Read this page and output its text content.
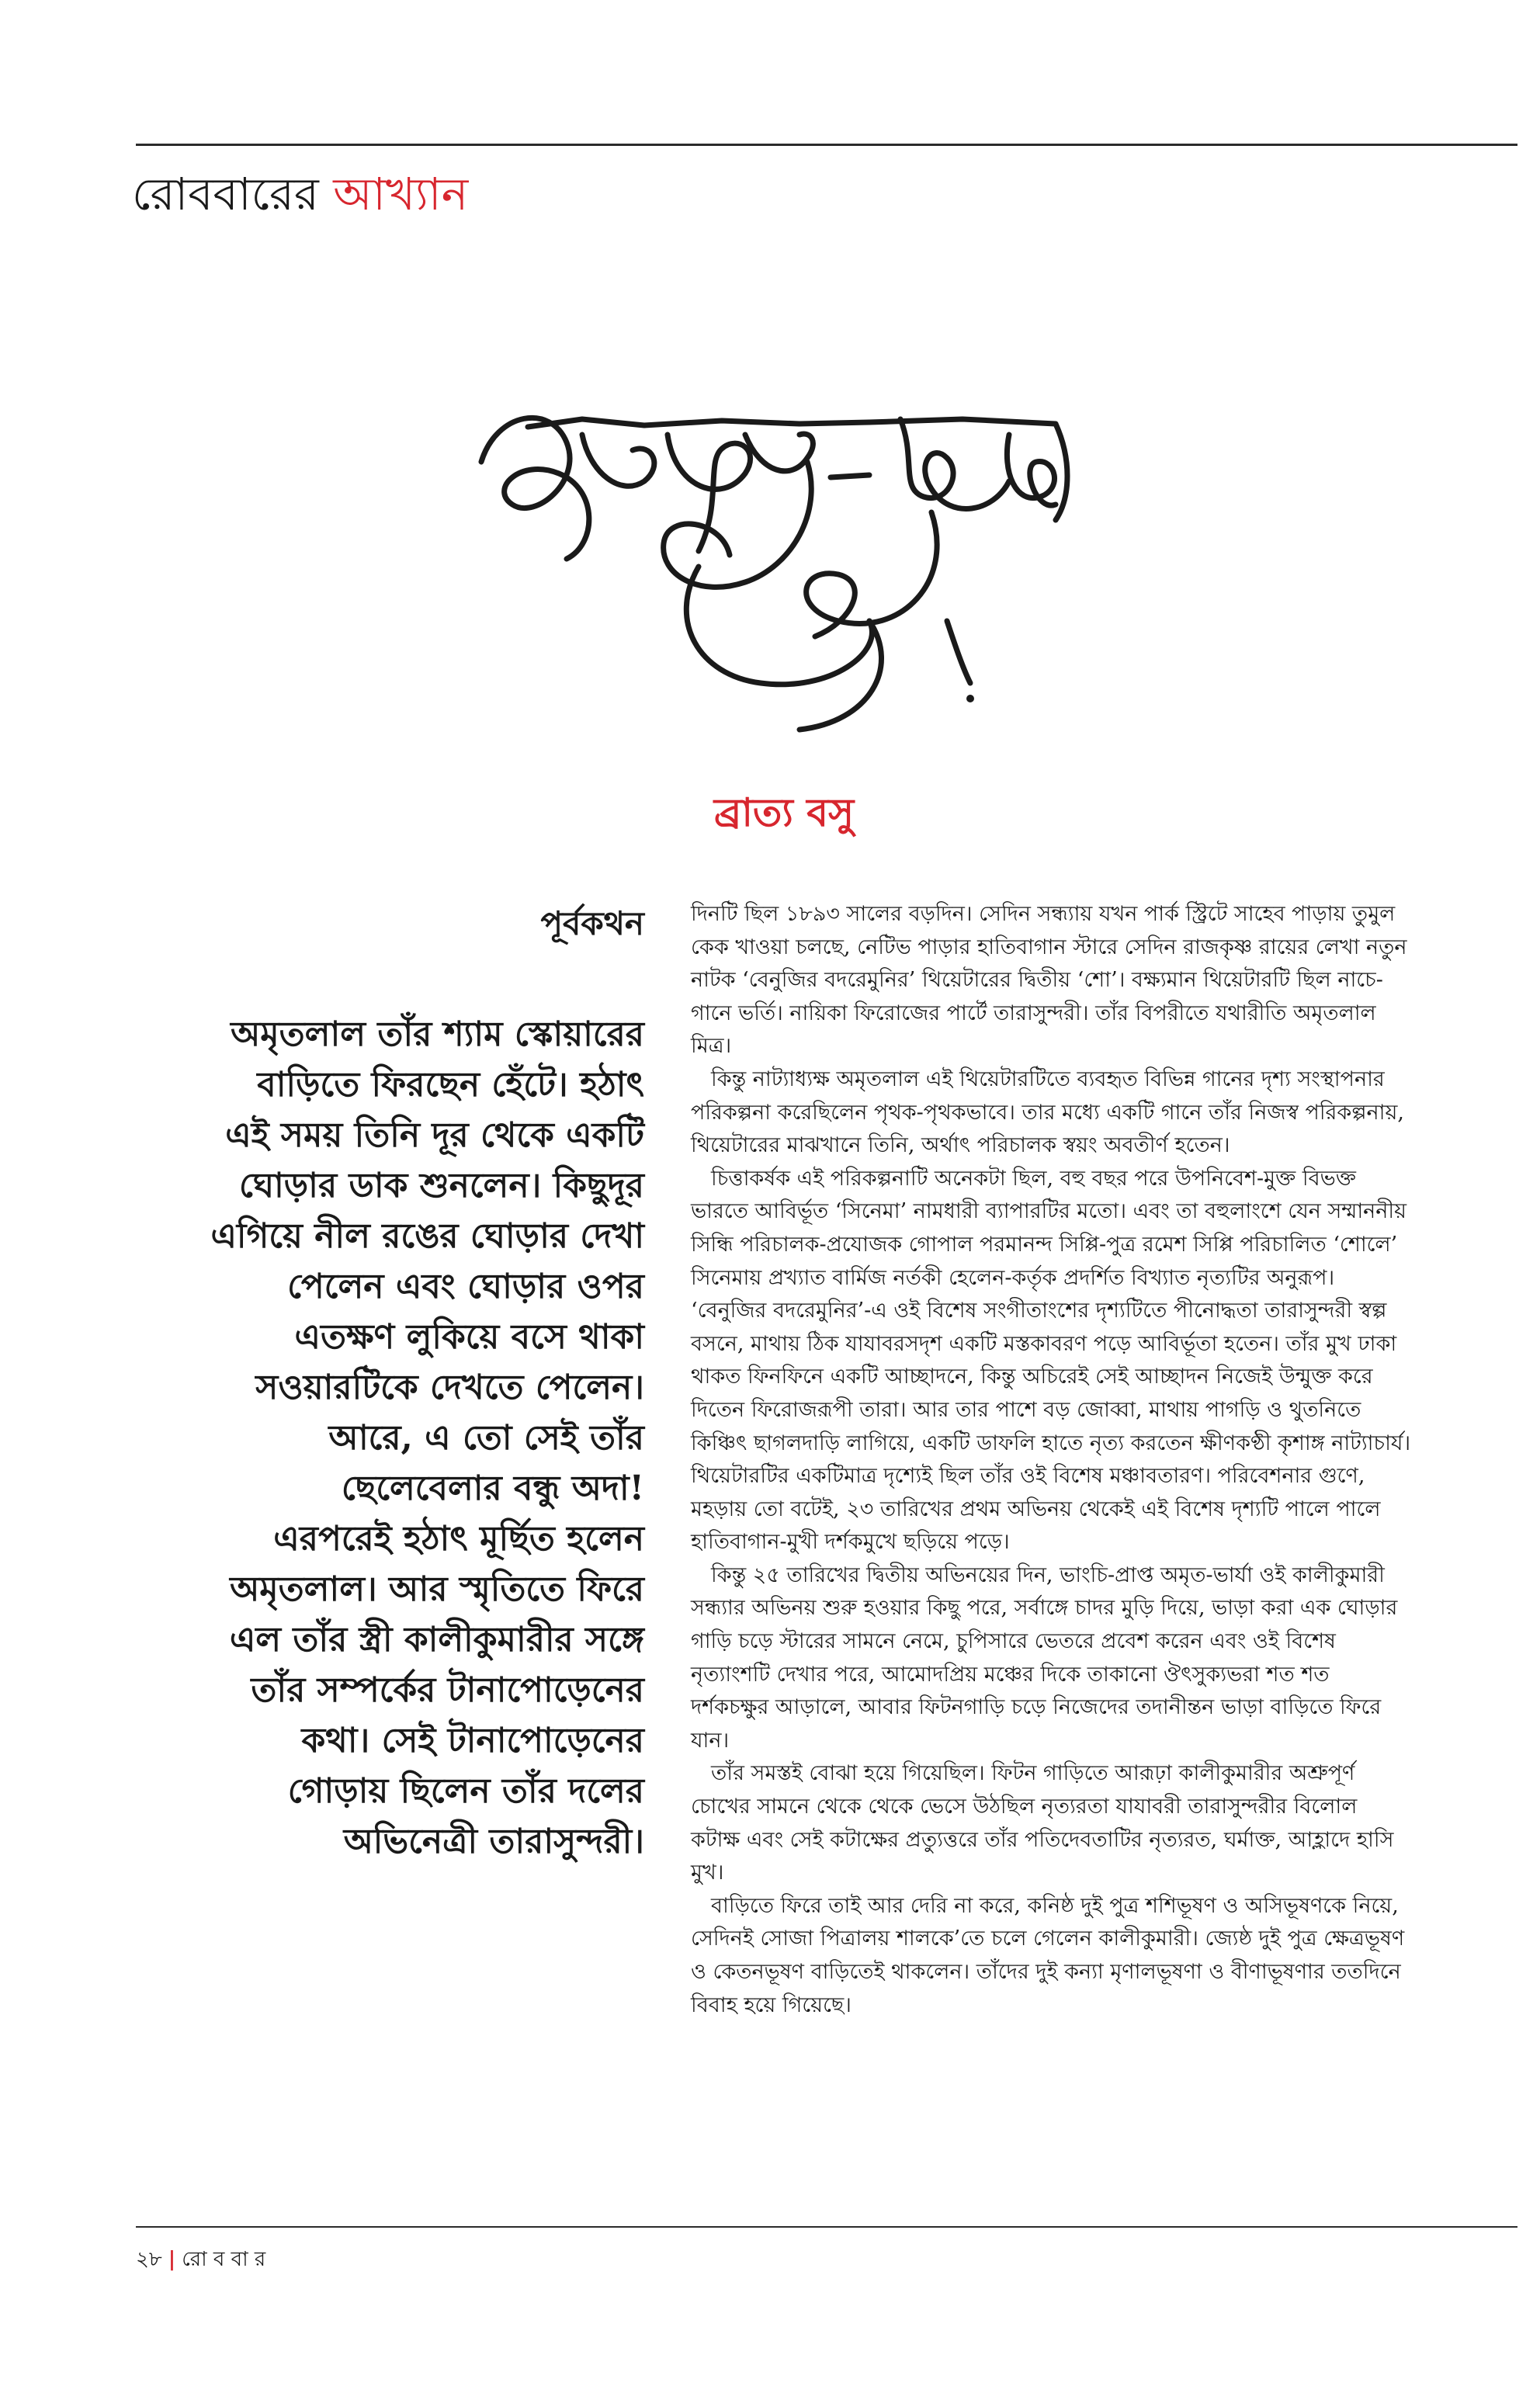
রোববারের আখ্যান
ব্রাত্য বসু
পূর্বকথন
অমৃতলাল তাঁর শ্যাম স্কোয়ারের
বাড়িতে ফিরছেন হেঁটে। হঠাৎ
এই সময় তিনি দূর থেকে একটি
ঘোড়ার ডাক শুনলেন। কিছুদূর
এগিয়ে নীল রঙের ঘোড়ার দেখা
পেলেন এবং ঘোড়ার ওপর
এতক্ষণ লুকিয়ে বসে থাকা
সওয়ারটিকে দেখতে পেলেন।
আরে, এ তো সেই তাঁর
ছেলেবেলার বন্ধু অদা!
এরপরেই হঠাৎ মূর্ছিত হলেন
অমৃতলাল। আর স্মৃতিতে ফিরে
এল তাঁর স্ত্রী কালীকুমারীর সঙ্গে
তাঁর সম্পর্কের টানাপোড়েনের
কথা। সেই টানাপোড়েনের
গোড়ায় ছিলেন তাঁর দলের
অভিনেত্রী তারাসুন্দরী।

দিনটি ছিল ১৮৯৩ সালের বড়দিন। সেদিন সন্ধ্যায় যখন পার্ক স্ট্রিটে সাহেব পাড়ায় তুমুল কেক খাওয়া চলছে, নেটিভ পাড়ার হাতিবাগান স্টারে সেদিন রাজকৃষ্ণ রায়ের লেখা নতুন নাটক ‘বেনুজির বদরেমুনির’ থিয়েটারের দ্বিতীয় ‘শো’। বক্ষ্যমান থিয়েটারটি ছিল নাচে-গানে ভর্তি। নায়িকা ফিরোজের পার্টে তারাসুন্দরী। তাঁর বিপরীতে যথারীতি অমৃতলাল মিত্র।

কিন্তু নাট্যাধ্যক্ষ অমৃতলাল এই থিয়েটারটিতে ব্যবহৃত বিভিন্ন গানের দৃশ্য সংস্থাপনার পরিকল্পনা করেছিলেন পৃথক-পৃথকভাবে। তার মধ্যে একটি গানে তাঁর নিজস্ব পরিকল্পনায়, থিয়েটারের মাঝখানে তিনি, অর্থাৎ পরিচালক স্বয়ং অবতীর্ণ হতেন।

চিত্তাকর্ষক এই পরিকল্পনাটি অনেকটা ছিল, বহু বছর পরে উপনিবেশ-মুক্ত বিভক্ত ভারতে আবির্ভূত ‘সিনেমা’ নামধারী ব্যাপারটির মতো। এবং তা বহুলাংশে যেন সম্মাননীয় সিন্ধি পরিচালক-প্রযোজক গোপাল পরমানন্দ সিপ্পি-পুত্র রমেশ সিপ্পি পরিচালিত ‘শোলে’ সিনেমায় প্রখ্যাত বার্মিজ নর্তকী হেলেন-কর্তৃক প্রদর্শিত বিখ্যাত নৃত্যটির অনুরূপ। ‘বেনুজির বদরেমুনির’-এ ওই বিশেষ সংগীতাংশের দৃশ্যটিতে পীনোদ্ধতা তারাসুন্দরী স্বল্প বসনে, মাথায় ঠিক যাযাবরসদৃশ একটি মস্তকাবরণ পড়ে আবির্ভূতা হতেন। তাঁর মুখ ঢাকা থাকত ফিনফিনে একটি আচ্ছাদনে, কিন্তু অচিরেই সেই আচ্ছাদন নিজেই উন্মুক্ত করে দিতেন ফিরোজরূপী তারা। আর তার পাশে বড় জোব্বা, মাথায় পাগড়ি ও থুতনিতে কিঞ্চিৎ ছাগলদাড়ি লাগিয়ে, একটি ডাফলি হাতে নৃত্য করতেন ক্ষীণকণ্ঠী কৃশাঙ্গ নাট্যাচার্য। থিয়েটারটির একটিমাত্র দৃশ্যেই ছিল তাঁর ওই বিশেষ মঞ্চাবতারণ। পরিবেশনার গুণে, মহড়ায় তো বটেই, ২৩ তারিখের প্রথম অভিনয় থেকেই এই বিশেষ দৃশ্যটি পালে পালে হাতিবাগান-মুখী দর্শকমুখে ছড়িয়ে পড়ে।

কিন্তু ২৫ তারিখের দ্বিতীয় অভিনয়ের দিন, ভাংচি-প্রাপ্ত অমৃত-ভার্যা ওই কালীকুমারী সন্ধ্যার অভিনয় শুরু হওয়ার কিছু পরে, সর্বাঙ্গে চাদর মুড়ি দিয়ে, ভাড়া করা এক ঘোড়ার গাড়ি চড়ে স্টারের সামনে নেমে, চুপিসারে ভেতরে প্রবেশ করেন এবং ওই বিশেষ নৃত্যাংশটি দেখার পরে, আমোদপ্রিয় মঞ্চের দিকে তাকানো ঔৎসুক্যভরা শত শত দর্শকচক্ষুর আড়ালে, আবার ফিটনগাড়ি চড়ে নিজেদের তদানীন্তন ভাড়া বাড়িতে ফিরে যান।

তাঁর সমস্তই বোঝা হয়ে গিয়েছিল। ফিটন গাড়িতে আরূঢ়া কালীকুমারীর অশ্রুপূর্ণ চোখের সামনে থেকে থেকে ভেসে উঠছিল নৃত্যরতা যাযাবরী তারাসুন্দরীর বিলোল কটাক্ষ এবং সেই কটাক্ষের প্রত্যুত্তরে তাঁর পতিদেবতাটির নৃত্যরত, ঘর্মাক্ত, আহ্লাদে হাসি মুখ।

বাড়িতে ফিরে তাই আর দেরি না করে, কনিষ্ঠ দুই পুত্র শশিভূষণ ও অসিভূষণকে নিয়ে, সেদিনই সোজা পিত্রালয় শালকে’তে চলে গেলেন কালীকুমারী। জ্যেষ্ঠ দুই পুত্র ক্ষেত্রভূষণ ও কেতনভূষণ বাড়িতেই থাকলেন। তাঁদের দুই কন্যা মৃণালভূষণা ও বীণাভূষণার ততদিনে বিবাহ হয়ে গিয়েছে।

২৮ | রো ব বা র
